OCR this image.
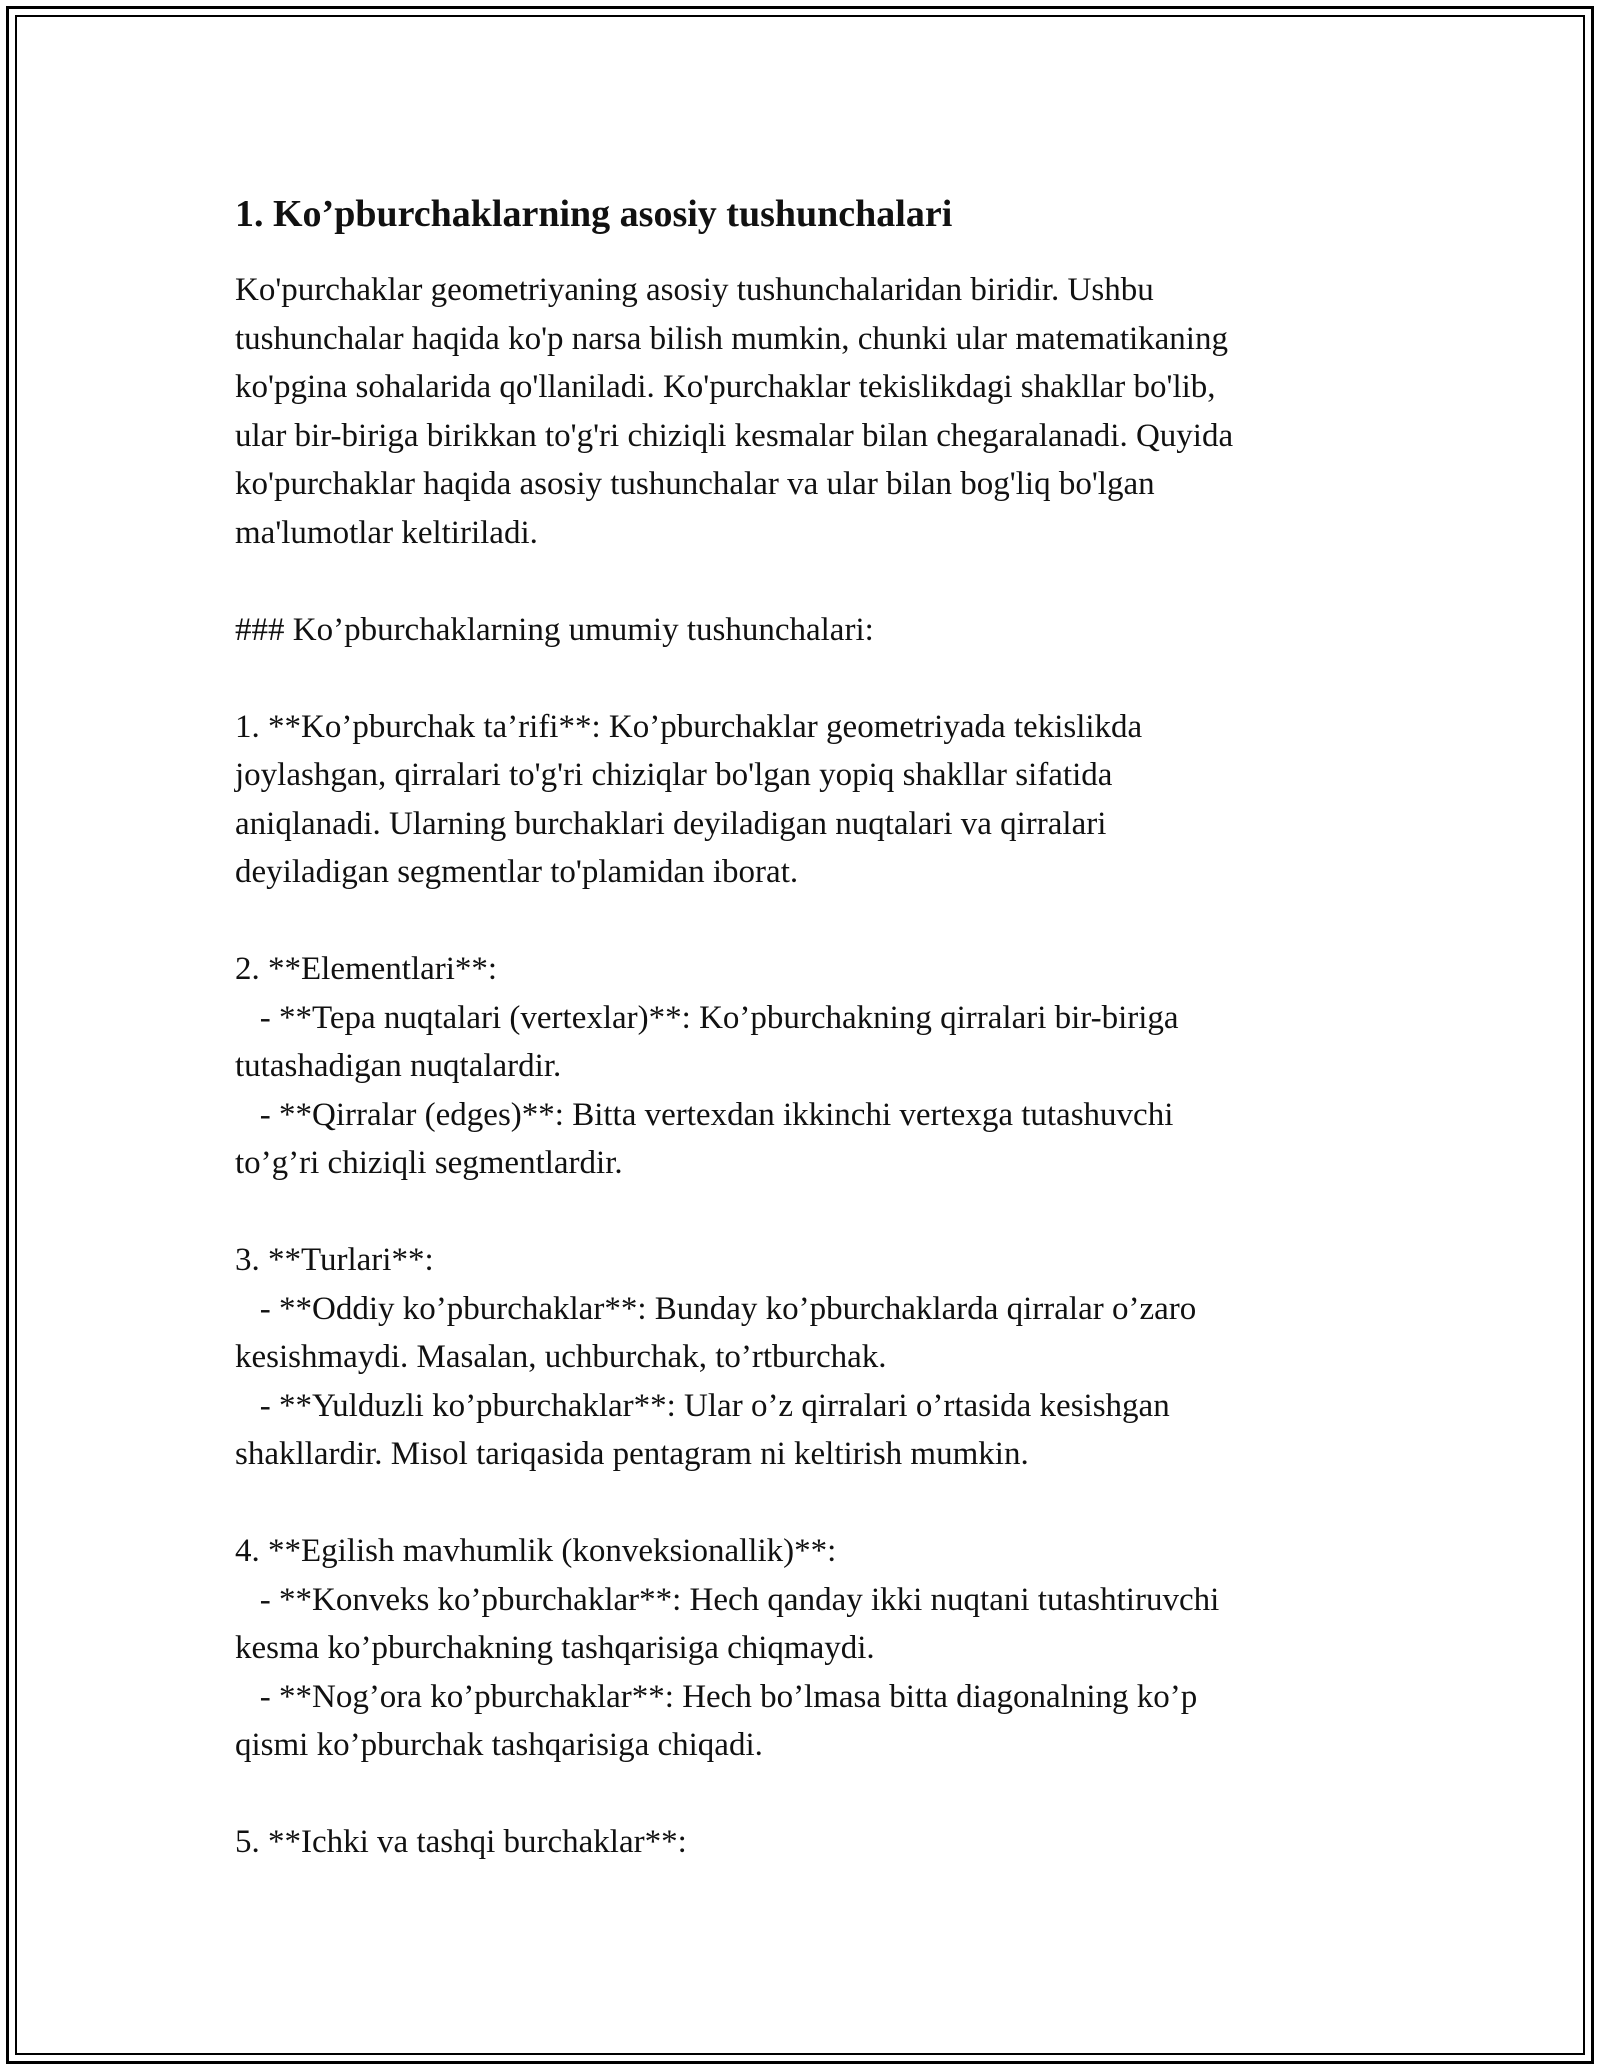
1. Ko’pburchaklarning asosiy tushunchalari

Ko'purchaklar geometriyaning asosiy tushunchalaridan biridir. Ushbu
tushunchalar haqida ko'p narsa bilish mumkin, chunki ular matematikaning
ko'pgina sohalarida qo'llaniladi. Ko'purchaklar tekislikdagi shakllar bo'lib,
ular bir-biriga birikkan to'g'ri chiziqli kesmalar bilan chegaralanadi. Quyida
ko'purchaklar haqida asosiy tushunchalar va ular bilan bog'liq bo'lgan
ma'lumotlar keltiriladi.

### Ko’pburchaklarning umumiy tushunchalari:

1. **Ko’pburchak ta’rifi**: Ko’pburchaklar geometriyada tekislikda
joylashgan, qirralari to'g'ri chiziqlar bo'lgan yopiq shakllar sifatida
aniqlanadi. Ularning burchaklari deyiladigan nuqtalari va qirralari
deyiladigan segmentlar to'plamidan iborat.

2. **Elementlari**:
- **Tepa nuqtalari (vertexlar)**: Ko’pburchakning qirralari bir-biriga
tutashadigan nuqtalardir.
- **Qirralar (edges)**: Bitta vertexdan ikkinchi vertexga tutashuvchi
to’g’ri chiziqli segmentlardir.

3. **Turlari**:
- **Oddiy ko’pburchaklar**: Bunday ko’pburchaklarda qirralar o’zaro
kesishmaydi. Masalan, uchburchak, to’rtburchak.
- **Yulduzli ko’pburchaklar**: Ular o’z qirralari o’rtasida kesishgan
shakllardir. Misol tariqasida pentagram ni keltirish mumkin.

4. **Egilish mavhumlik (konveksionallik)**:
- **Konveks ko’pburchaklar**: Hech qanday ikki nuqtani tutashtiruvchi
kesma ko’pburchakning tashqarisiga chiqmaydi.
- **Nog’ora ko’pburchaklar**: Hech bo’lmasa bitta diagonalning ko’p
qismi ko’pburchak tashqarisiga chiqadi.

5. **Ichki va tashqi burchaklar**:
